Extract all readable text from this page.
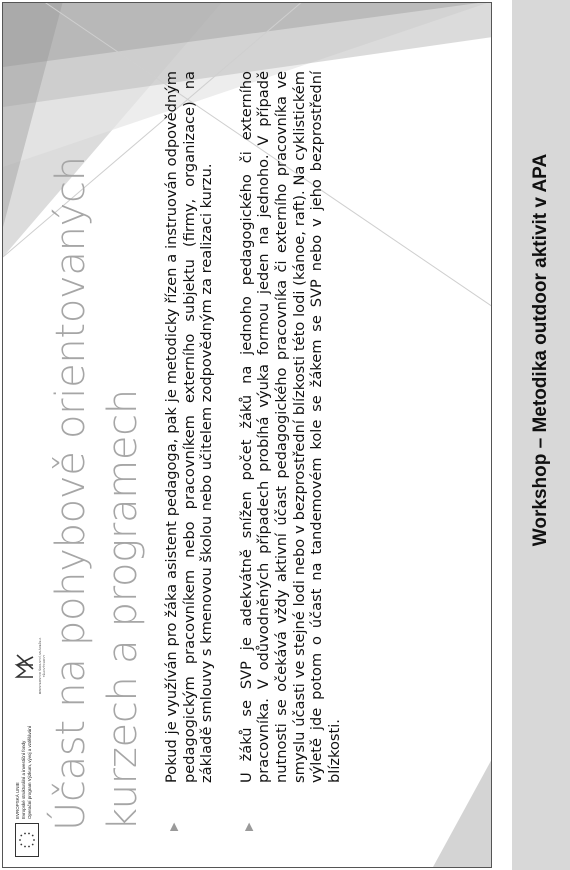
EVROPSKÁ UNIE Evropské strukturální a investiční fondy Operační program Výzkum, vývoj a vzdělávání
MINISTERSTVO ŠKOLSTVÍ, MLÁDEŽE A TĚLOVÝCHOVY Účast na pohybově orientovaných kurzech a programech ▶
Pokud je využíván pro žáka asistent pedagoga, pak je metodicky řízen a instruován odpovědným pedagogickým pracovníkem nebo pracovníkem externího subjektu (firmy, organizace) na základě smlouvy s kmenovou školou nebo učitelem zodpovědným za realizaci kurzu.
▶
U žáků se SVP je adekvátně snížen počet žáků na jednoho pedagogického či externího pracovníka. V odůvodněných případech probíhá výuka formou jeden na jednoho. V případě nutnosti se očekává vždy aktivní účast pedagogického pracovníka či externího pracovníka ve smyslu účasti ve stejné lodi nebo v bezprostřední blízkosti této lodi (kánoe, raft). Na cyklistickém výletě jde potom o účast na tandemovém kole se žákem se SVP nebo v jeho bezprostřední blízkosti.
Workshop – Metodika outdoor aktivit v APA
